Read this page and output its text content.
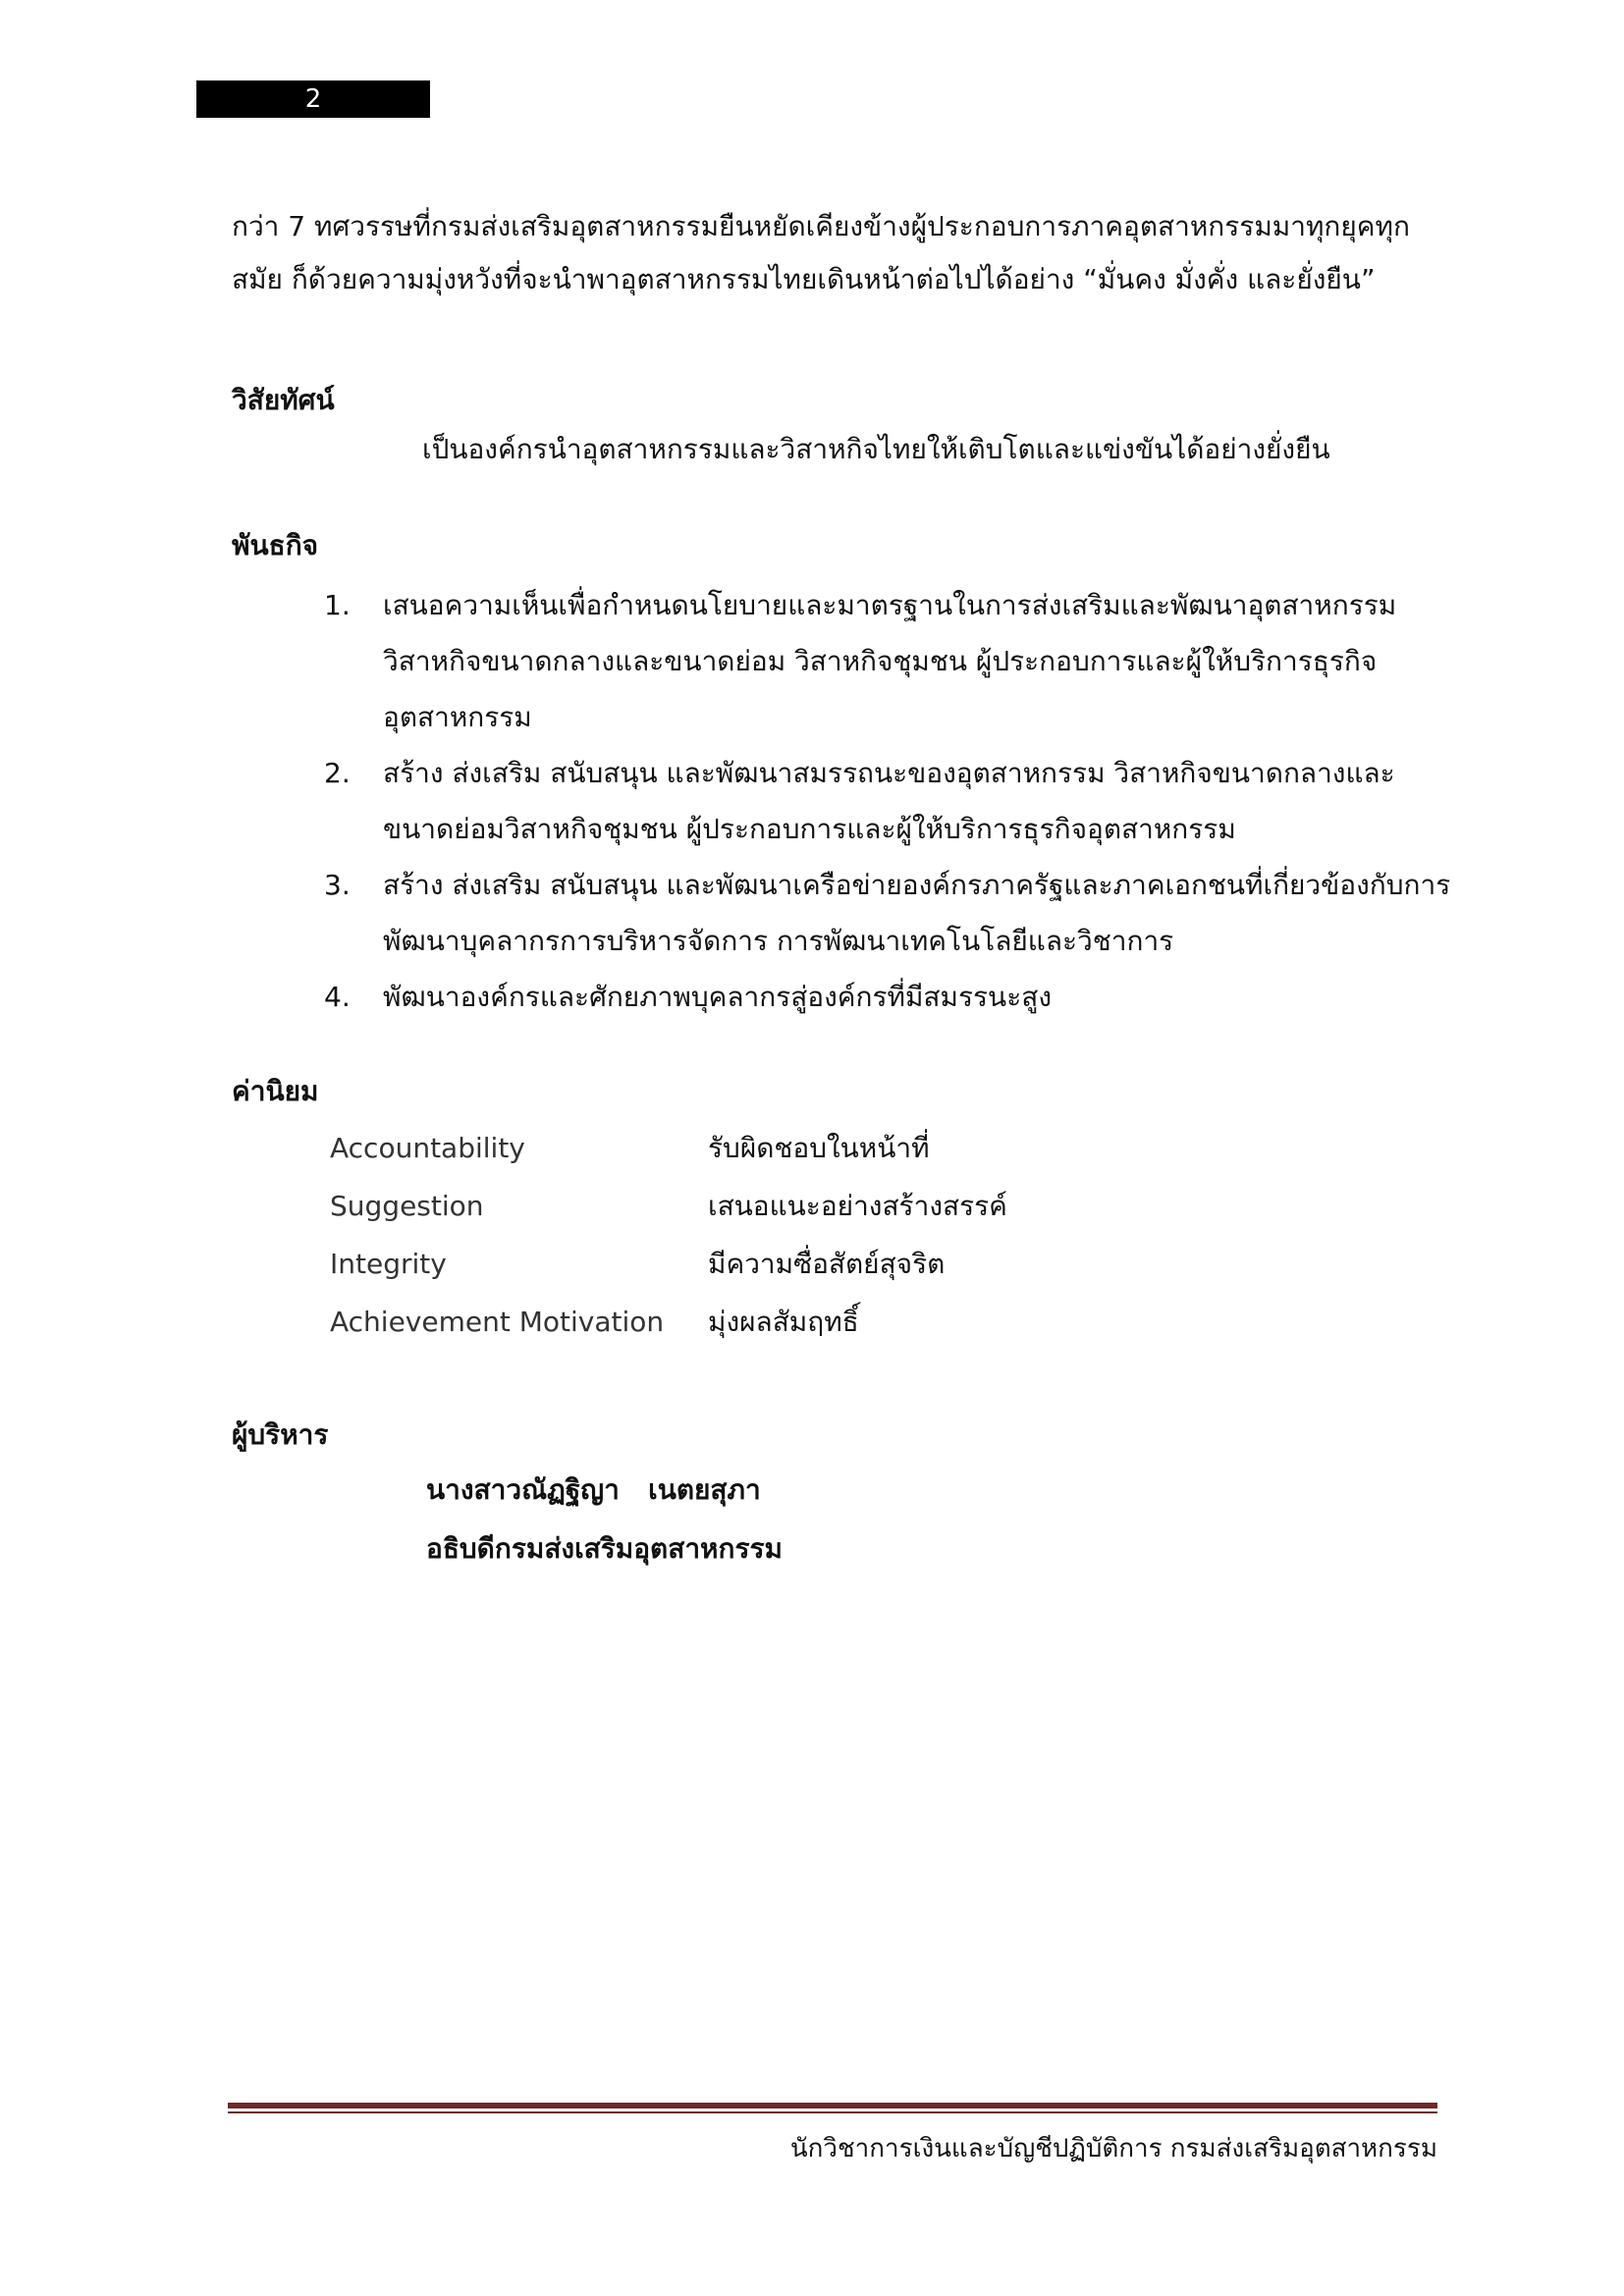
2

กว่า 7 ทศวรรษที่กรมส่งเสริมอุตสาหกรรมยืนหยัดเคียงข้างผู้ประกอบการภาคอุตสาหกรรมมาทุกยุคทุก
สมัย ก็ด้วยความมุ่งหวังที่จะนำพาอุตสาหกรรมไทยเดินหน้าต่อไปได้อย่าง “มั่นคง มั่งคั่ง และยั่งยืน”

วิสัยทัศน์
เป็นองค์กรนำอุตสาหกรรมและวิสาหกิจไทยให้เติบโตและแข่งขันได้อย่างยั่งยืน
พันธกิจ
1.	เสนอความเห็นเพื่อกำหนดนโยบายและมาตรฐานในการส่งเสริมและพัฒนาอุตสาหกรรม
วิสาหกิจขนาดกลางและขนาดย่อม วิสาหกิจชุมชน ผู้ประกอบการและผู้ให้บริการธุรกิจ
อุตสาหกรรม
2.	สร้าง ส่งเสริม สนับสนุน และพัฒนาสมรรถนะของอุตสาหกรรม วิสาหกิจขนาดกลางและ
ขนาดย่อมวิสาหกิจชุมชน ผู้ประกอบการและผู้ให้บริการธุรกิจอุตสาหกรรม
3.	สร้าง ส่งเสริม สนับสนุน และพัฒนาเครือข่ายองค์กรภาครัฐและภาคเอกชนที่เกี่ยวข้องกับการ
พัฒนาบุคลากรการบริหารจัดการ การพัฒนาเทคโนโลยีและวิชาการ
4.	พัฒนาองค์กรและศักยภาพบุคลากรสู่องค์กรที่มีสมรรนะสูง
ค่านิยม
Accountability	รับผิดชอบในหน้าที่
Suggestion	เสนอแนะอย่างสร้างสรรค์
Integrity	มีความซื่อสัตย์สุจริต
Achievement Motivation	มุ่งผลสัมฤทธิ์
ผู้บริหาร
นางสาวณัฏฐิญา   เนตยสุภา
อธิบดีกรมส่งเสริมอุตสาหกรรม
นักวิชาการเงินและบัญชีปฏิบัติการ กรมส่งเสริมอุตสาหกรรม
